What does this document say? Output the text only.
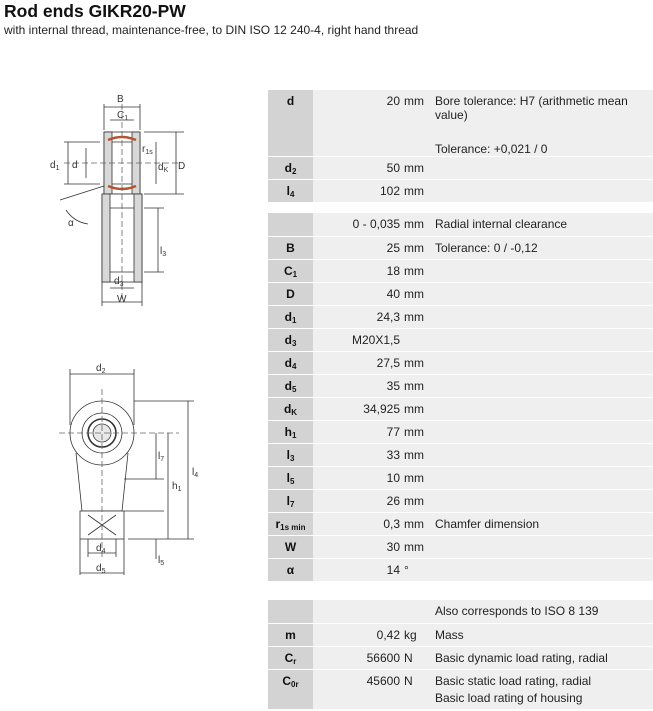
Rod ends GIKR20-PW
with internal thread, maintenance-free, to DIN ISO 12 240-4, right hand thread
B
$C_1$
$r_{1s}$
$d_1$ d	$d_K$ D
α
$l_3$
$d_3$
W
$d_2$
$l_7$
$l_4$
$h_1$
$d_4$
$l_5$
$d_5$
d	20	mm	Bore tolerance: H7 (arithmetic mean value)
Tolerance: +0,021 / 0

$d_2$	50	mm	
$l_4$	102	mm	
	0 - 0,035	mm	Radial internal clearance
B	25	mm	Tolerance: 0 / -0,12
$C_1$	18	mm	
D	40	mm	
$d_1$	24,3	mm	
$d_3$	M20X1,5		
$d_4$	27,5	mm	
$d_5$	35	mm	
$d_K$	34,925	mm	
$h_1$	77	mm	
$l_3$	33	mm	
$l_5$	10	mm	
$l_7$	26	mm	
$r_{1s min}$	0,3	mm	Chamfer dimension
W	30	mm	
α	14	°	
			Also corresponds to ISO 8 139
m	0,42	kg	Mass
$C_r$	56600	N	Basic dynamic load rating, radial
$C_{0r}$	45600	N	Basic static load rating, radial
Basic load rating of housing
